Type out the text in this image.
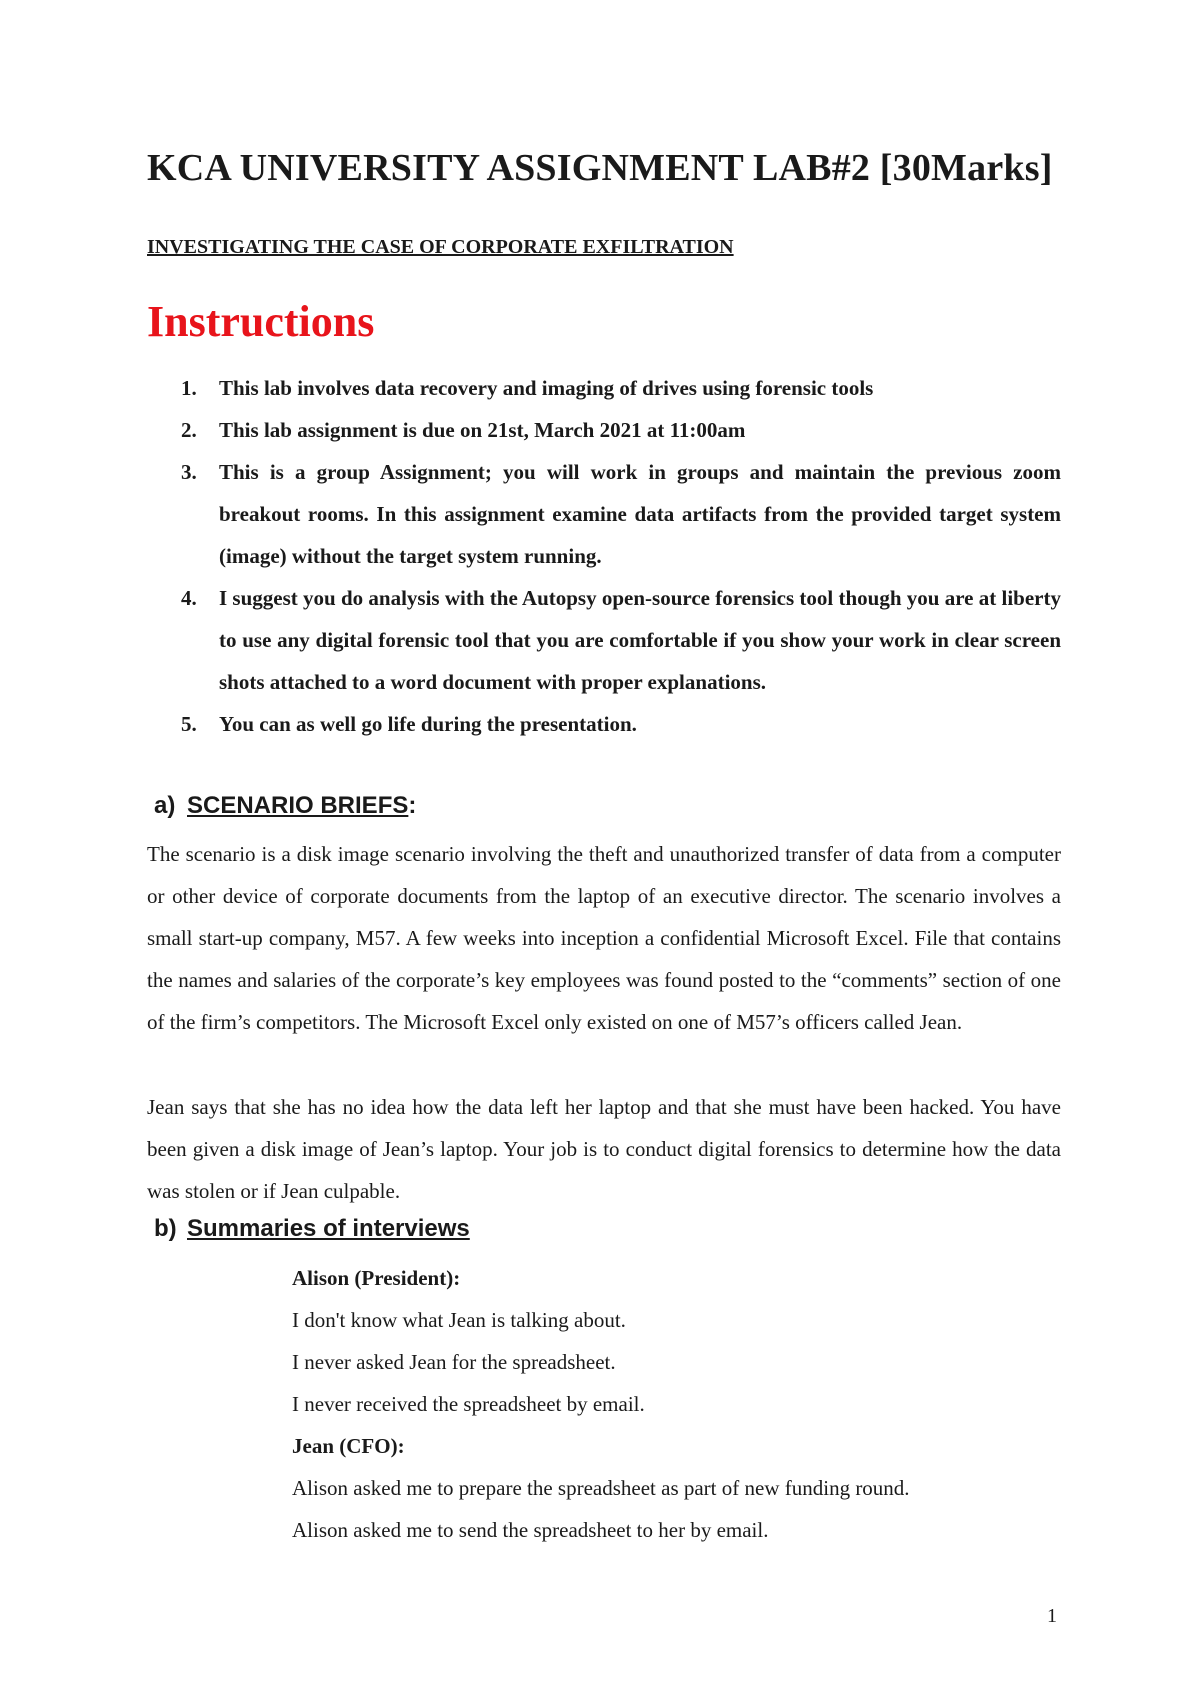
KCA UNIVERSITY ASSIGNMENT LAB#2 [30Marks]

INVESTIGATING THE CASE OF CORPORATE EXFILTRATION

Instructions
1. This lab involves data recovery and imaging of drives using forensic tools
2. This lab assignment is due on 21st, March 2021 at 11:00am
3. This is a group Assignment; you will work in groups and maintain the previous zoom breakout rooms. In this assignment examine data artifacts from the provided target system (image) without the target system running.
4. I suggest you do analysis with the Autopsy open-source forensics tool though you are at liberty to use any digital forensic tool that you are comfortable if you show your work in clear screen shots attached to a word document with proper explanations.
5. You can as well go life during the presentation.
a) SCENARIO BRIEFS:

The scenario is a disk image scenario involving the theft and unauthorized transfer of data from a computer or other device of corporate documents from the laptop of an executive director. The scenario involves a small start-up company, M57. A few weeks into inception a confidential Microsoft Excel. File that contains the names and salaries of the corporate’s key employees was found posted to the “comments” section of one of the firm’s competitors. The Microsoft Excel only existed on one of M57’s officers called Jean.

Jean says that she has no idea how the data left her laptop and that she must have been hacked. You have been given a disk image of Jean’s laptop. Your job is to conduct digital forensics to determine how the data was stolen or if Jean culpable.

b) Summaries of interviews

Alison (President):

I don't know what Jean is talking about.

I never asked Jean for the spreadsheet.

I never received the spreadsheet by email.

Jean (CFO):

Alison asked me to prepare the spreadsheet as part of new funding round.

Alison asked me to send the spreadsheet to her by email.

1
